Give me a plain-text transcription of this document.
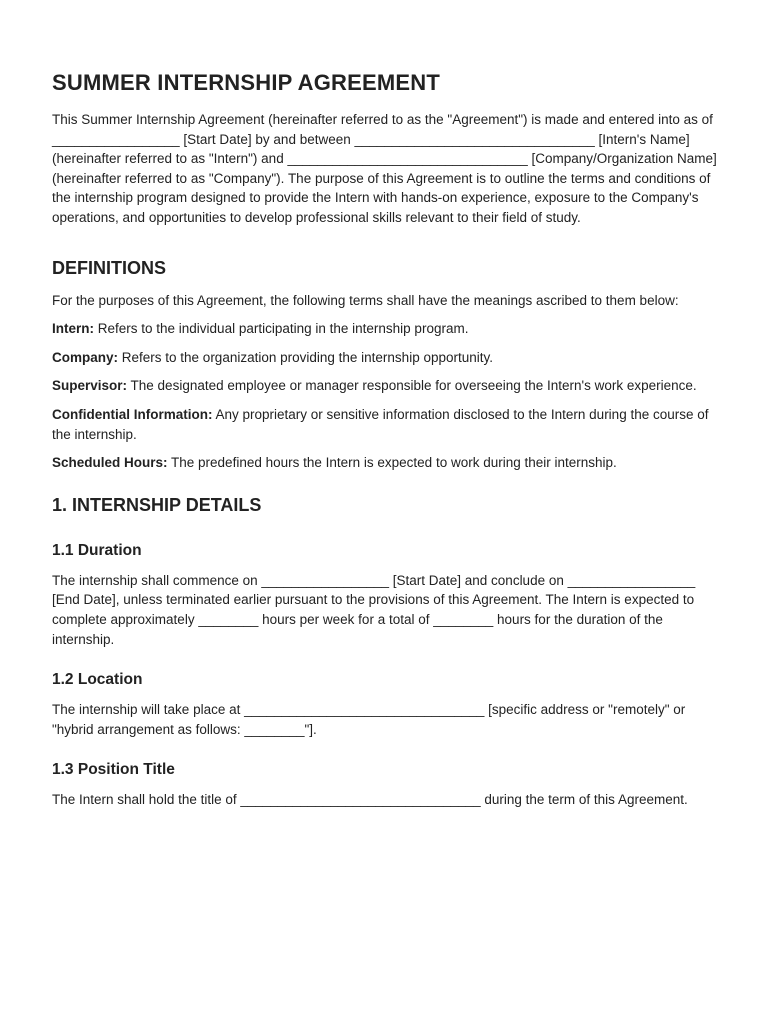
SUMMER INTERNSHIP AGREEMENT

This Summer Internship Agreement (hereinafter referred to as the "Agreement") is made and entered into as of _________________ [Start Date] by and between ________________________________ [Intern's Name] (hereinafter referred to as "Intern") and ________________________________ [Company/Organization Name] (hereinafter referred to as "Company"). The purpose of this Agreement is to outline the terms and conditions of the internship program designed to provide the Intern with hands-on experience, exposure to the Company's operations, and opportunities to develop professional skills relevant to their field of study.

DEFINITIONS

For the purposes of this Agreement, the following terms shall have the meanings ascribed to them below:

Intern: Refers to the individual participating in the internship program.

Company: Refers to the organization providing the internship opportunity.

Supervisor: The designated employee or manager responsible for overseeing the Intern's work experience.

Confidential Information: Any proprietary or sensitive information disclosed to the Intern during the course of the internship.

Scheduled Hours: The predefined hours the Intern is expected to work during their internship.

1. INTERNSHIP DETAILS
1.1 Duration

The internship shall commence on _________________ [Start Date] and conclude on _________________ [End Date], unless terminated earlier pursuant to the provisions of this Agreement. The Intern is expected to complete approximately ________ hours per week for a total of ________ hours for the duration of the internship.

1.2 Location

The internship will take place at ________________________________ [specific address or "remotely" or "hybrid arrangement as follows: ________"].

1.3 Position Title

The Intern shall hold the title of ________________________________ during the term of this Agreement.
